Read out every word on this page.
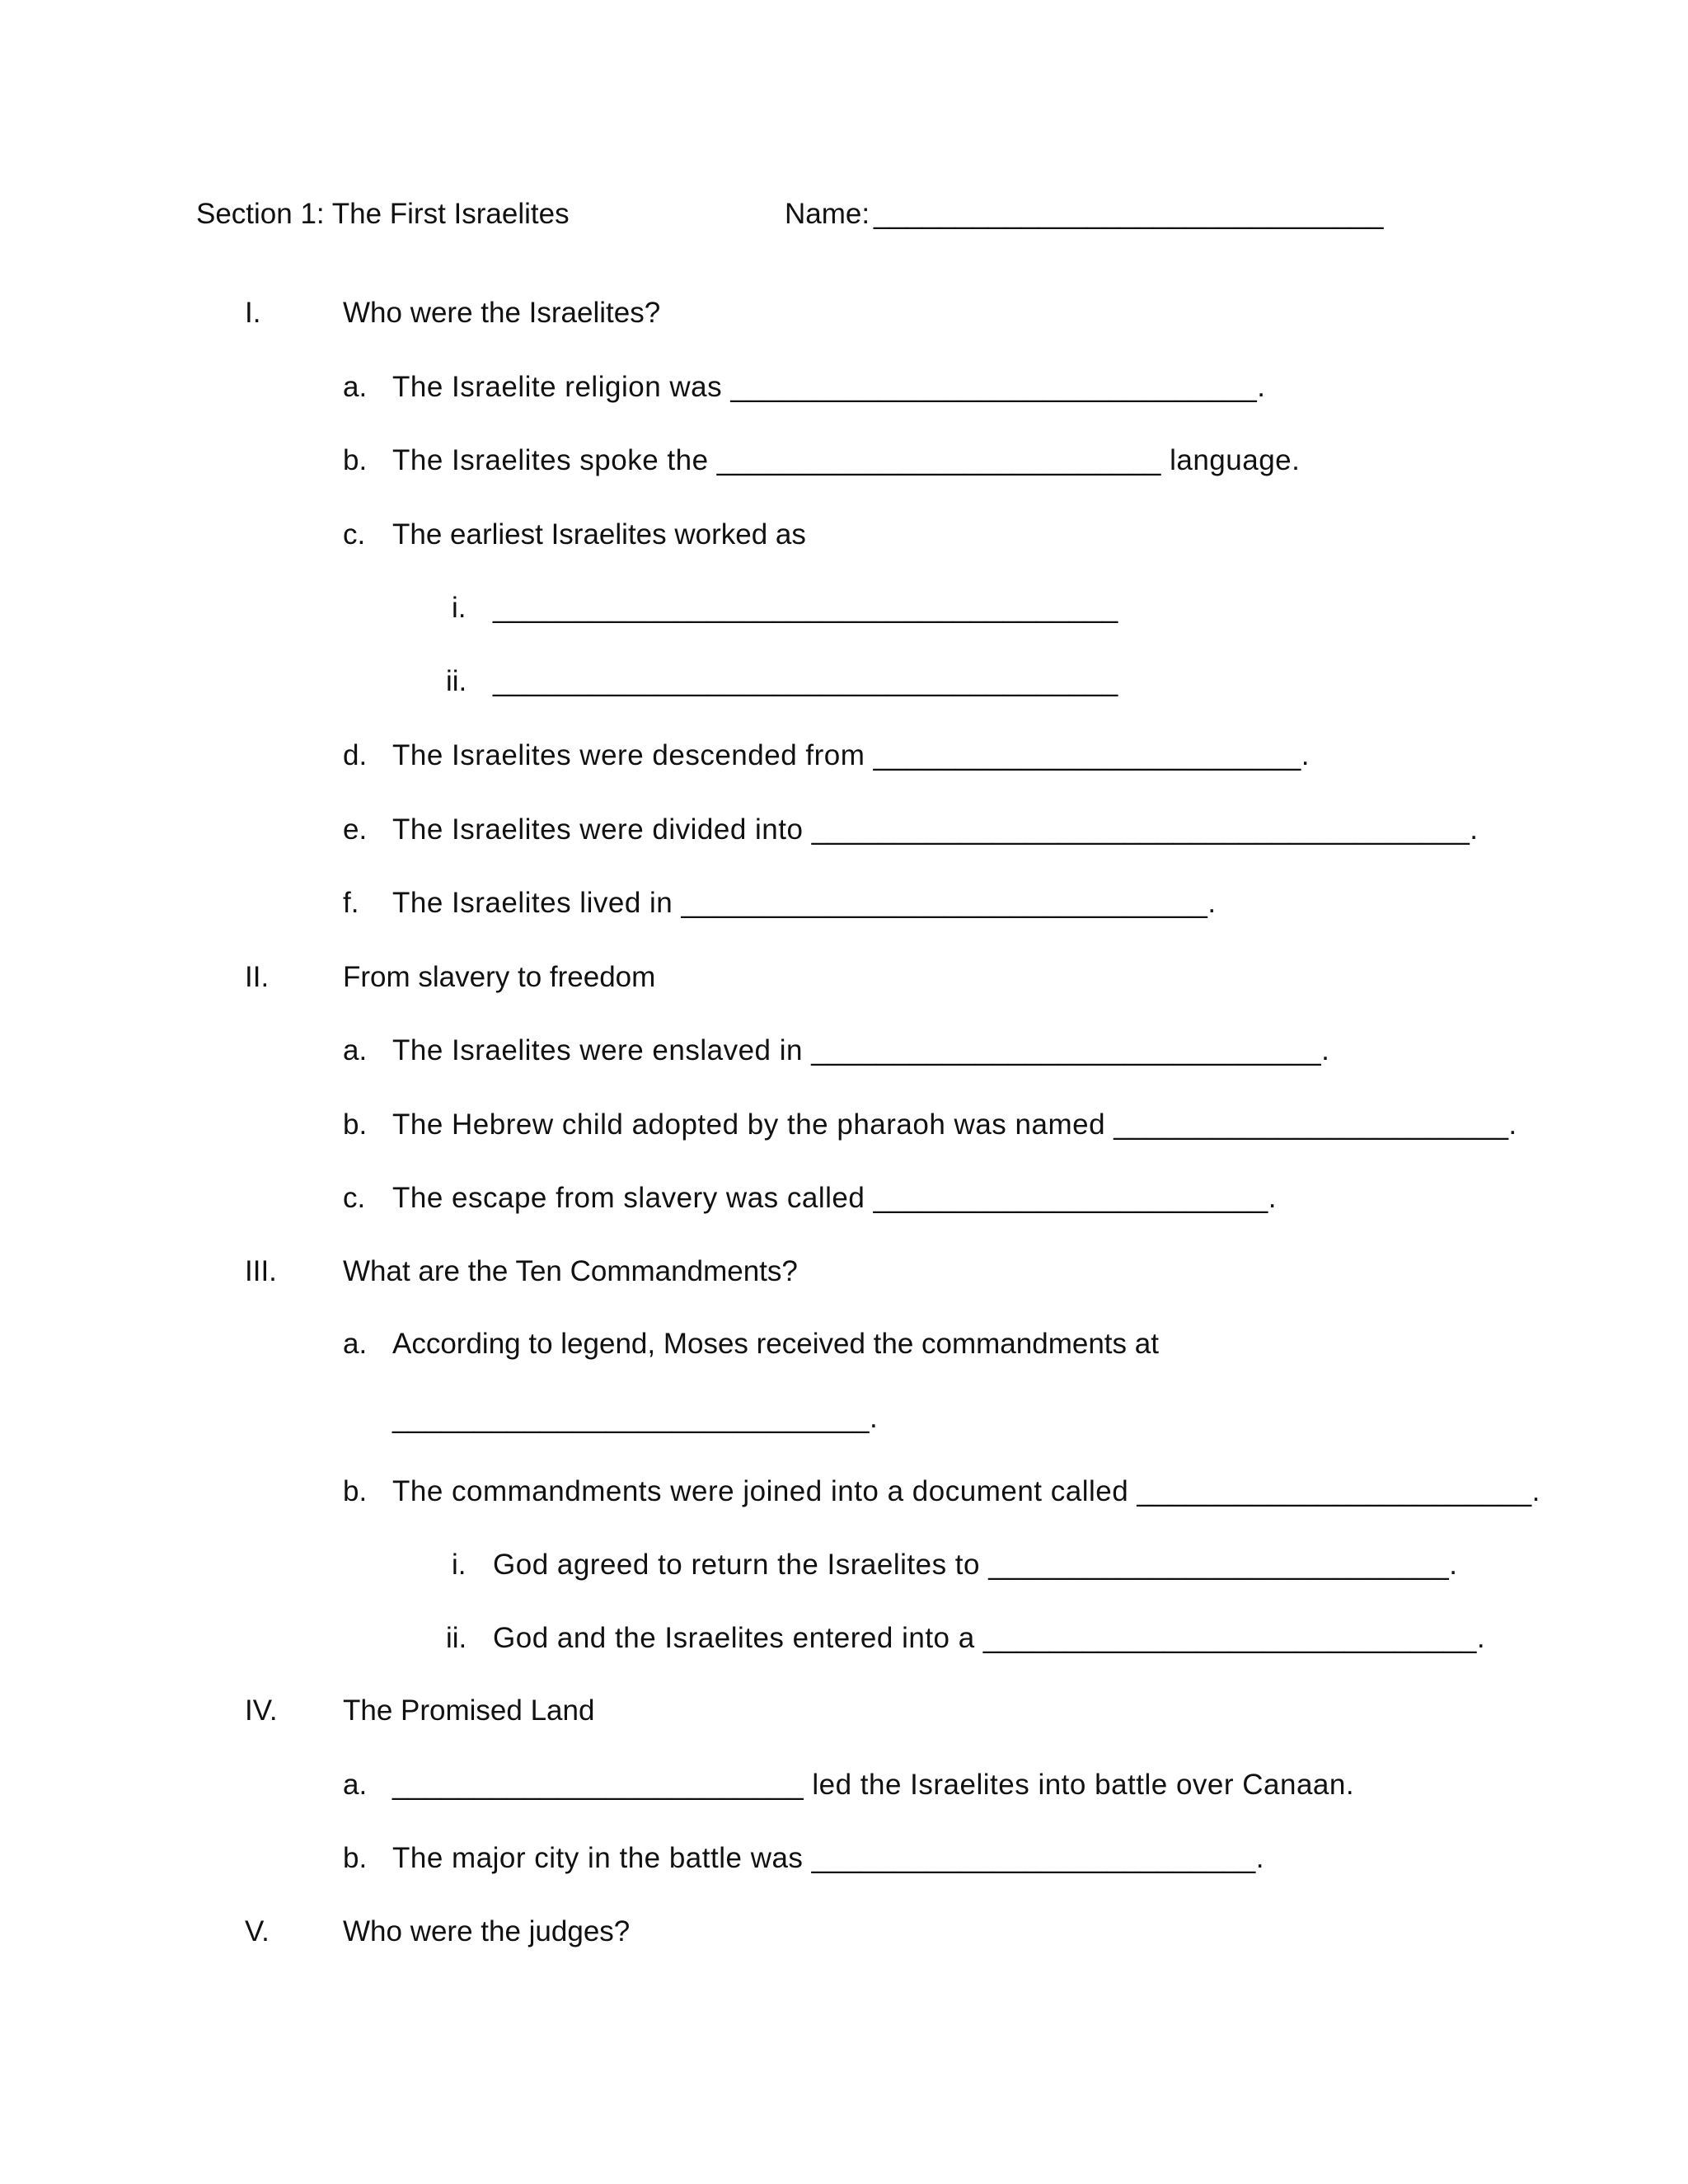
Section 1: The First Israelites	Name: _______________________________
I.	Who were the Israelites?
a. The Israelite religion was ________________________________.
b. The Israelites spoke the ___________________________ language.
c. The earliest Israelites worked as
i. ______________________________________
ii. ______________________________________
d. The Israelites were descended from __________________________.
e. The Israelites were divided into ________________________________________.
f. The Israelites lived in ________________________________.
II.	From slavery to freedom
a. The Israelites were enslaved in _______________________________.
b. The Hebrew child adopted by the pharaoh was named ________________________.
c. The escape from slavery was called ________________________.
III. What are the Ten Commandments?
a. According to legend, Moses received the commandments at
_____________________________.
b. The commandments were joined into a document called ________________________.
i. God agreed to return the Israelites to ____________________________.
ii. God and the Israelites entered into a ______________________________.
IV. The Promised Land
a. _________________________ led the Israelites into battle over Canaan.
b. The major city in the battle was ___________________________.
V.	Who were the judges?
